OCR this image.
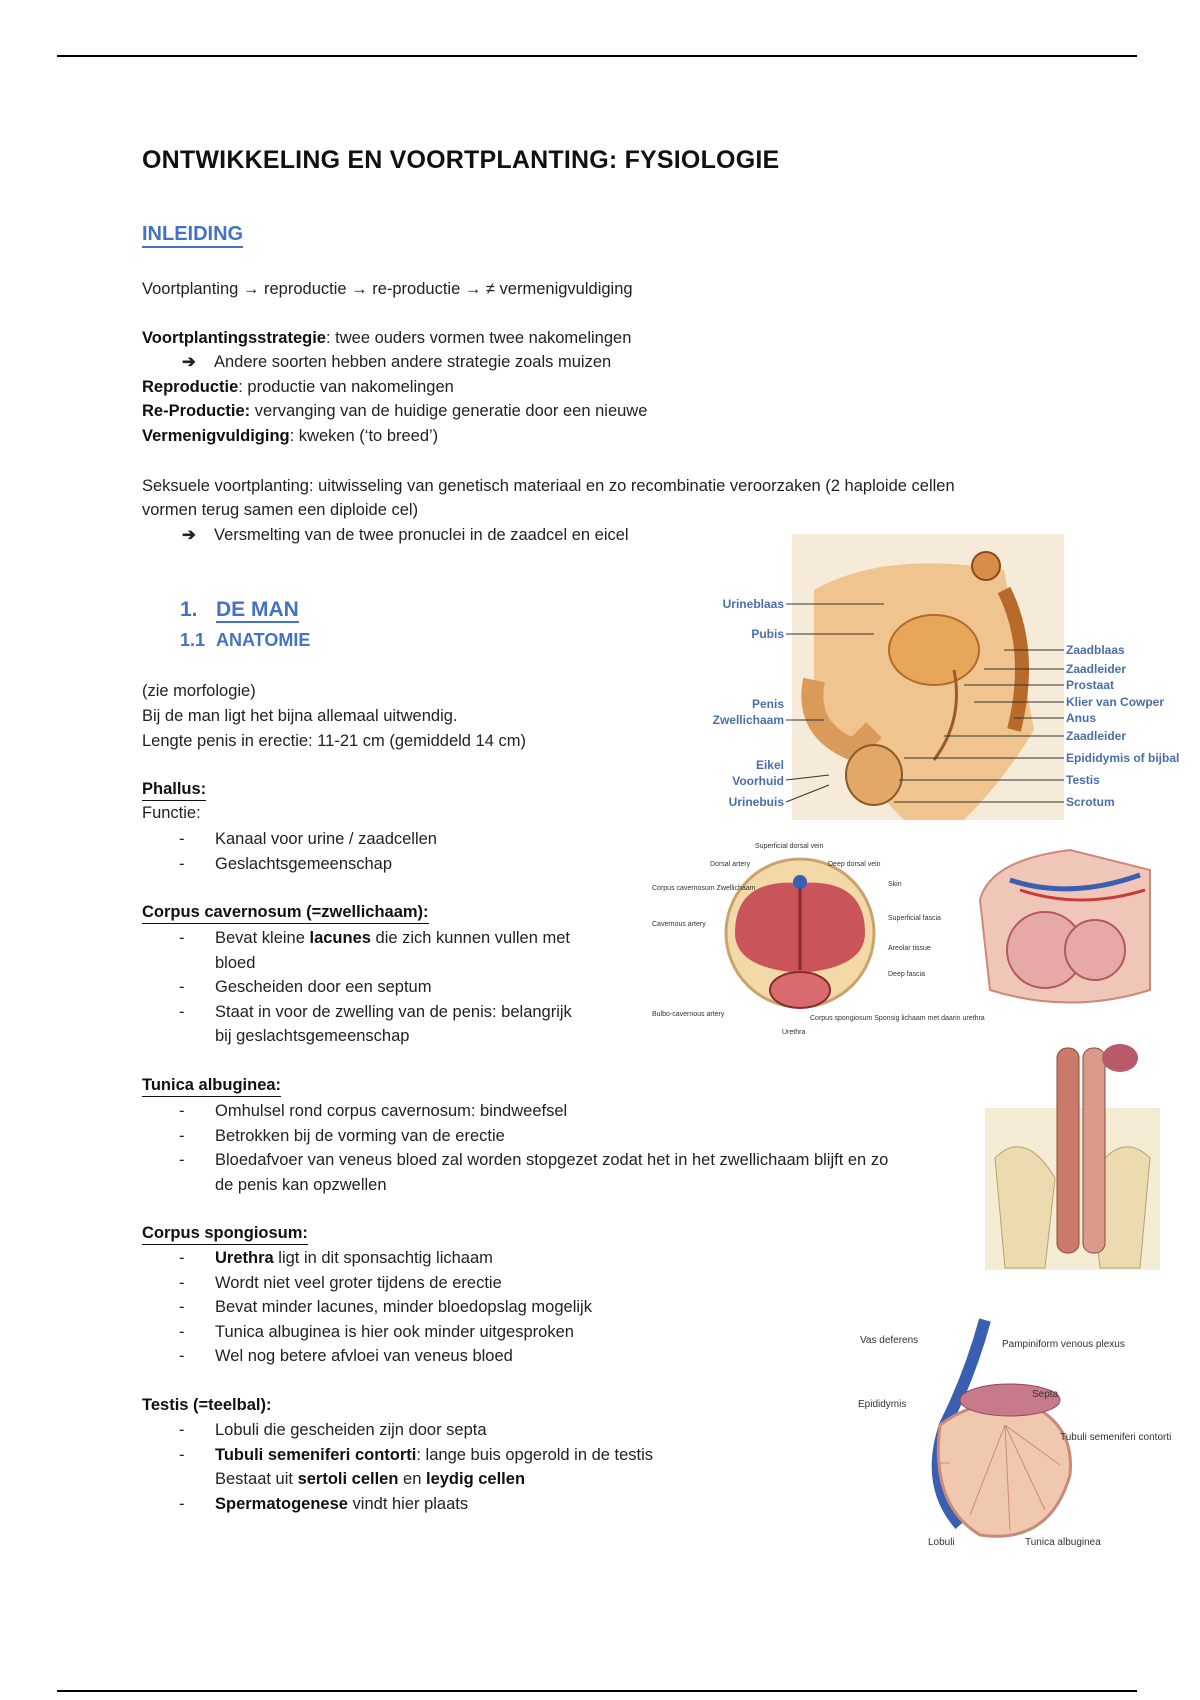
ONTWIKKELING EN VOORTPLANTING: FYSIOLOGIE
INLEIDING
Voortplanting → reproductie → re-productie → ≠ vermenigvuldiging
Voortplantingsstrategie: twee ouders vormen twee nakomelingen
➔ Andere soorten hebben andere strategie zoals muizen
Reproductie: productie van nakomelingen
Re-Productie: vervanging van de huidige generatie door een nieuwe
Vermenigvuldiging: kweken (‘to breed’)
Seksuele voortplanting: uitwisseling van genetisch materiaal en zo recombinatie veroorzaken (2 haploide cellen
vormen terug samen een diploide cel)
➔ Versmelting van de twee pronuclei in de zaadcel en eicel
1. DE MAN
1.1 ANATOMIE
(zie morfologie)
Bij de man ligt het bijna allemaal uitwendig.
Lengte penis in erectie: 11-21 cm (gemiddeld 14 cm)
Phallus:
Functie:
- Kanaal voor urine / zaadcellen
- Geslachtsgemeenschap
Corpus cavernosum (=zwellichaam):
- Bevat kleine lacunes die zich kunnen vullen met
bloed
- Gescheiden door een septum
- Staat in voor de zwelling van de penis: belangrijk
bij geslachtsgemeenschap
Tunica albuginea:
- Omhulsel rond corpus cavernosum: bindweefsel
- Betrokken bij de vorming van de erectie
- Bloedafvoer van veneus bloed zal worden stopgezet zodat het in het zwellichaam blijft en zo
de penis kan opzwellen
Corpus spongiosum:
- Urethra ligt in dit sponsachtig lichaam
- Wordt niet veel groter tijdens de erectie
- Bevat minder lacunes, minder bloedopslag mogelijk
- Tunica albuginea is hier ook minder uitgesproken
- Wel nog betere afvloei van veneus bloed
Testis (=teelbal):
- Lobuli die gescheiden zijn door septa
- Tubuli semeniferi contorti: lange buis opgerold in de testis
Bestaat uit sertoli cellen en leydig cellen
- Spermatogenese vindt hier plaats
Urineblaas
Pubis
Penis
Zwellichaam
Eikel
Voorhuid
Urinebuis
Zaadblaas
Zaadleider
Prostaat
Klier van Cowper
Anus
Zaadleider
Epididymis of bijbal
Testis
Scrotum
Superficial dorsal vein
Dorsal artery	Deep dorsal vein
Skin
Corpus cavernosum Zwellichaam
Cavernous artery
Bulbo-cavernous artery
Superficial fascia
Areolar tissue
Deep fascia
Corpus spongiosum Sponsig lichaam met daarin urethra
Urethra
Vas deferens	Pampiniform venous plexus
Septa
Epididymis
Tubuli semeniferi contorti
Lobuli	Tunica albuginea
